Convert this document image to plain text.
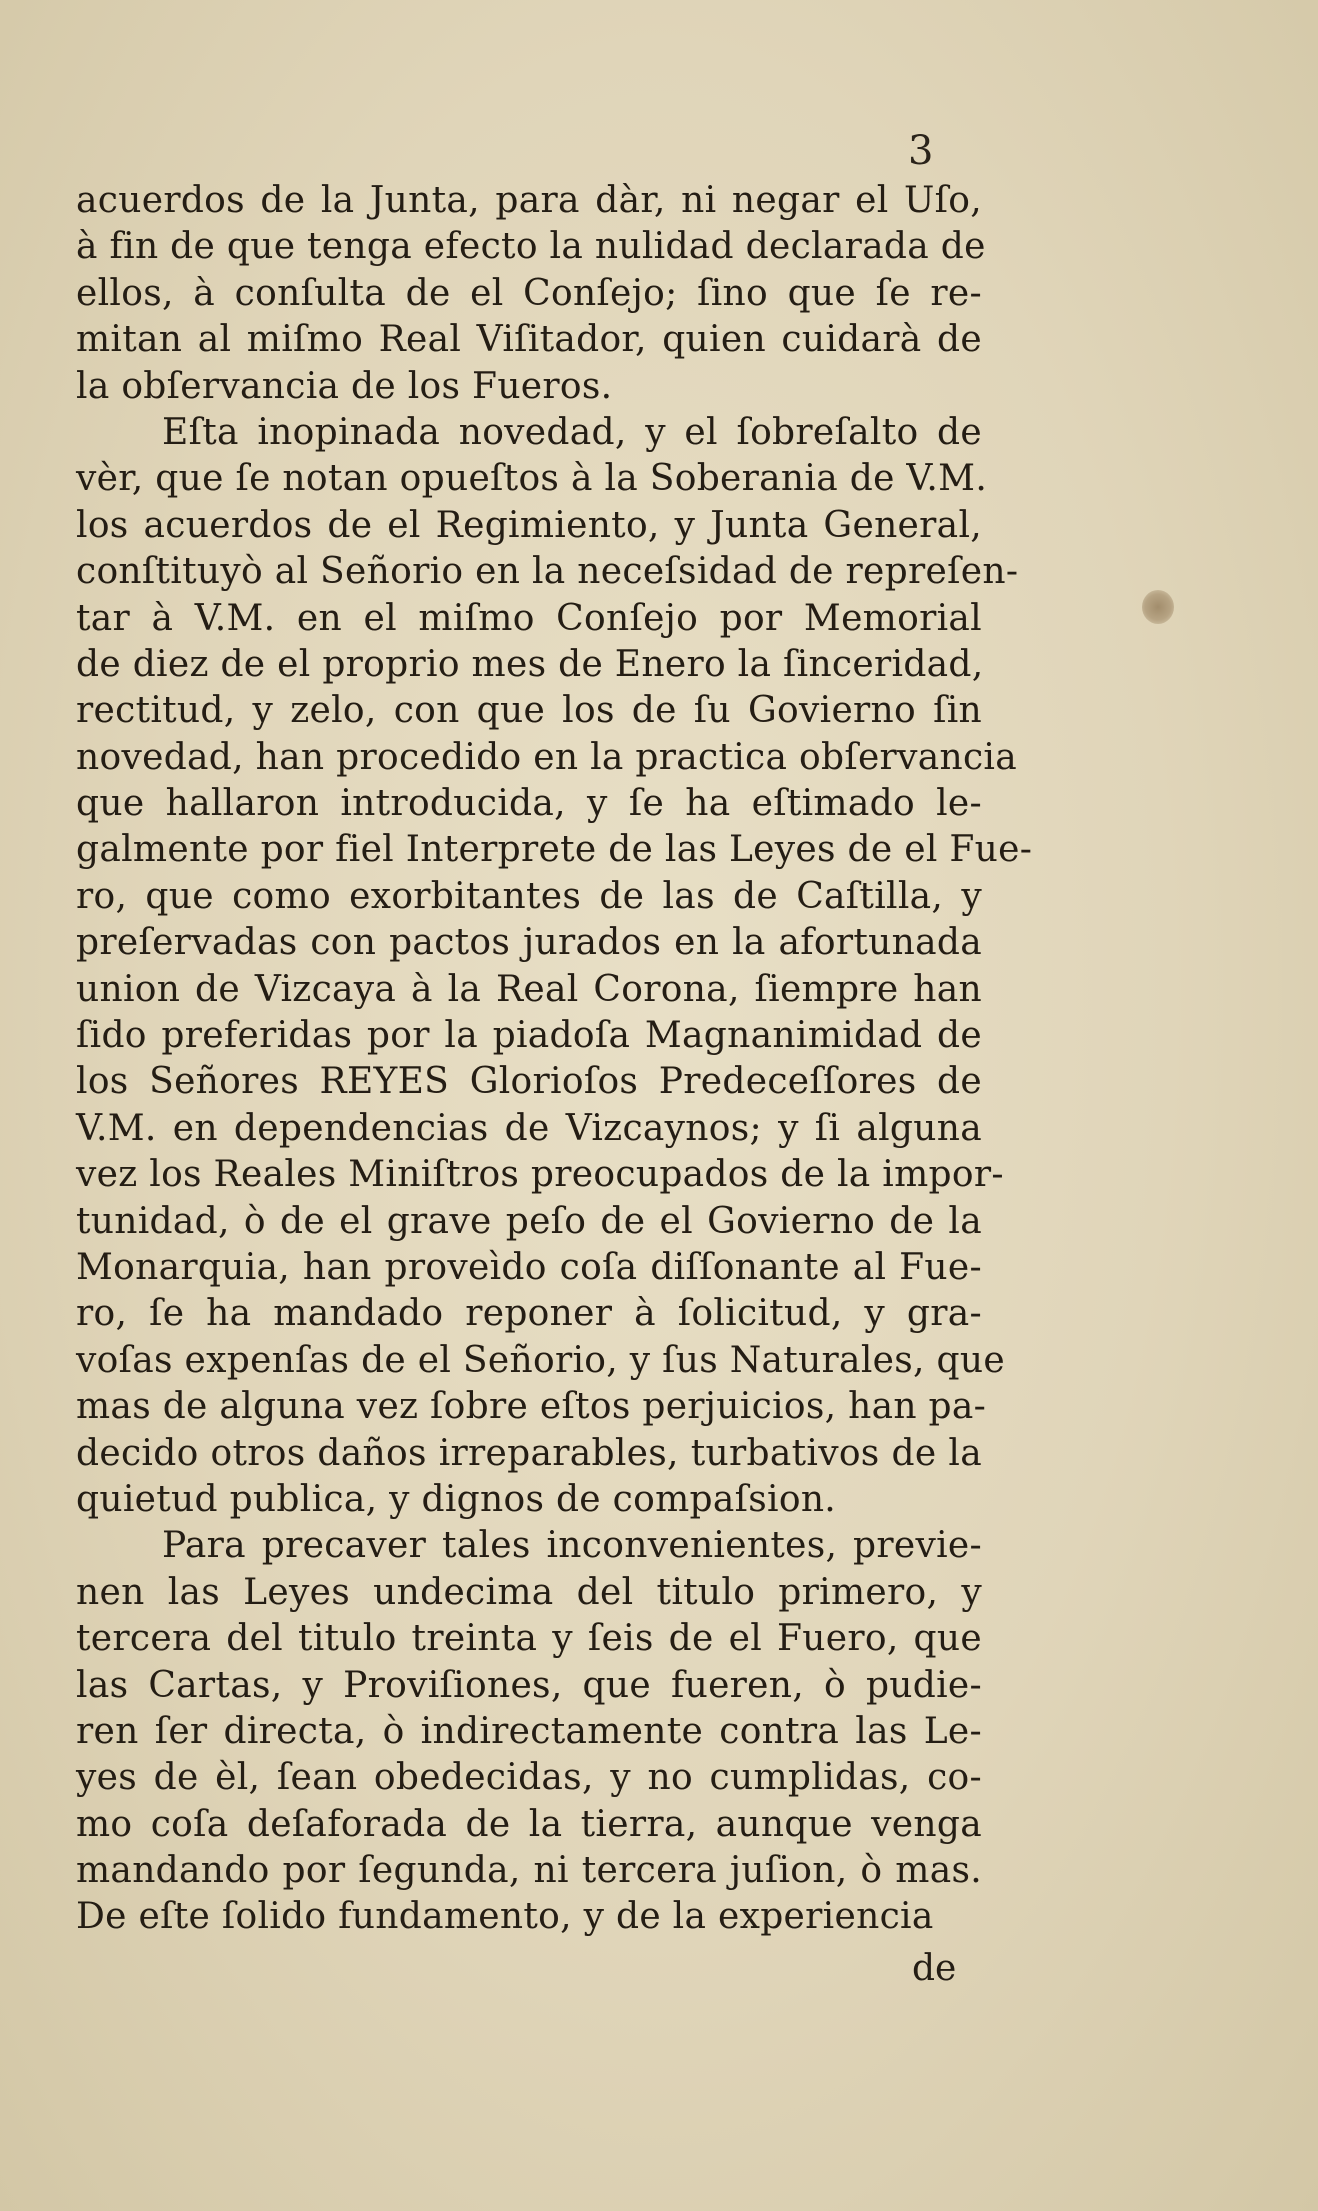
3
acuerdos de la Junta, para dàr, ni negar el Uſo,
à fin de que tenga efecto la nulidad declarada de
ellos, à conſulta de el Conſejo; ſino que ſe re-
mitan al miſmo Real Viſitador, quien cuidarà de
la obſervancia de los Fueros.
Eſta inopinada novedad, y el ſobreſalto de
vèr, que ſe notan opueſtos à la Soberania de V.M.
los acuerdos de el Regimiento, y Junta General,
conſtituyò al Señorio en la neceſsidad de repreſen-
tar à V.M. en el miſmo Conſejo por Memorial
de diez de el proprio mes de Enero la ſinceridad,
rectitud, y zelo, con que los de ſu Govierno ſin
novedad, han procedido en la practica obſervancia
que hallaron introducida, y ſe ha eſtimado le-
galmente por fiel Interprete de las Leyes de el Fue-
ro, que como exorbitantes de las de Caſtilla, y
preſervadas con pactos jurados en la afortunada
union de Vizcaya à la Real Corona, ſiempre han
ſido preferidas por la piadoſa Magnanimidad de
los Señores REYES Glorioſos Predeceſſores de
V.M. en dependencias de Vizcaynos; y ſi alguna
vez los Reales Miniſtros preocupados de la impor-
tunidad, ò de el grave peſo de el Govierno de la
Monarquia, han proveìdo coſa diſſonante al Fue-
ro, ſe ha mandado reponer à ſolicitud, y gra-
voſas expenſas de el Señorio, y ſus Naturales, que
mas de alguna vez ſobre eſtos perjuicios, han pa-
decido otros daños irreparables, turbativos de la
quietud publica, y dignos de compaſsion.
Para precaver tales inconvenientes, previe-
nen las Leyes undecima del titulo primero, y
tercera del titulo treinta y ſeis de el Fuero, que
las Cartas, y Proviſiones, que fueren, ò pudie-
ren ſer directa, ò indirectamente contra las Le-
yes de èl, ſean obedecidas, y no cumplidas, co-
mo coſa deſaforada de la tierra, aunque venga
mandando por ſegunda, ni tercera juſion, ò mas.
De eſte ſolido fundamento, y de la experiencia
de
